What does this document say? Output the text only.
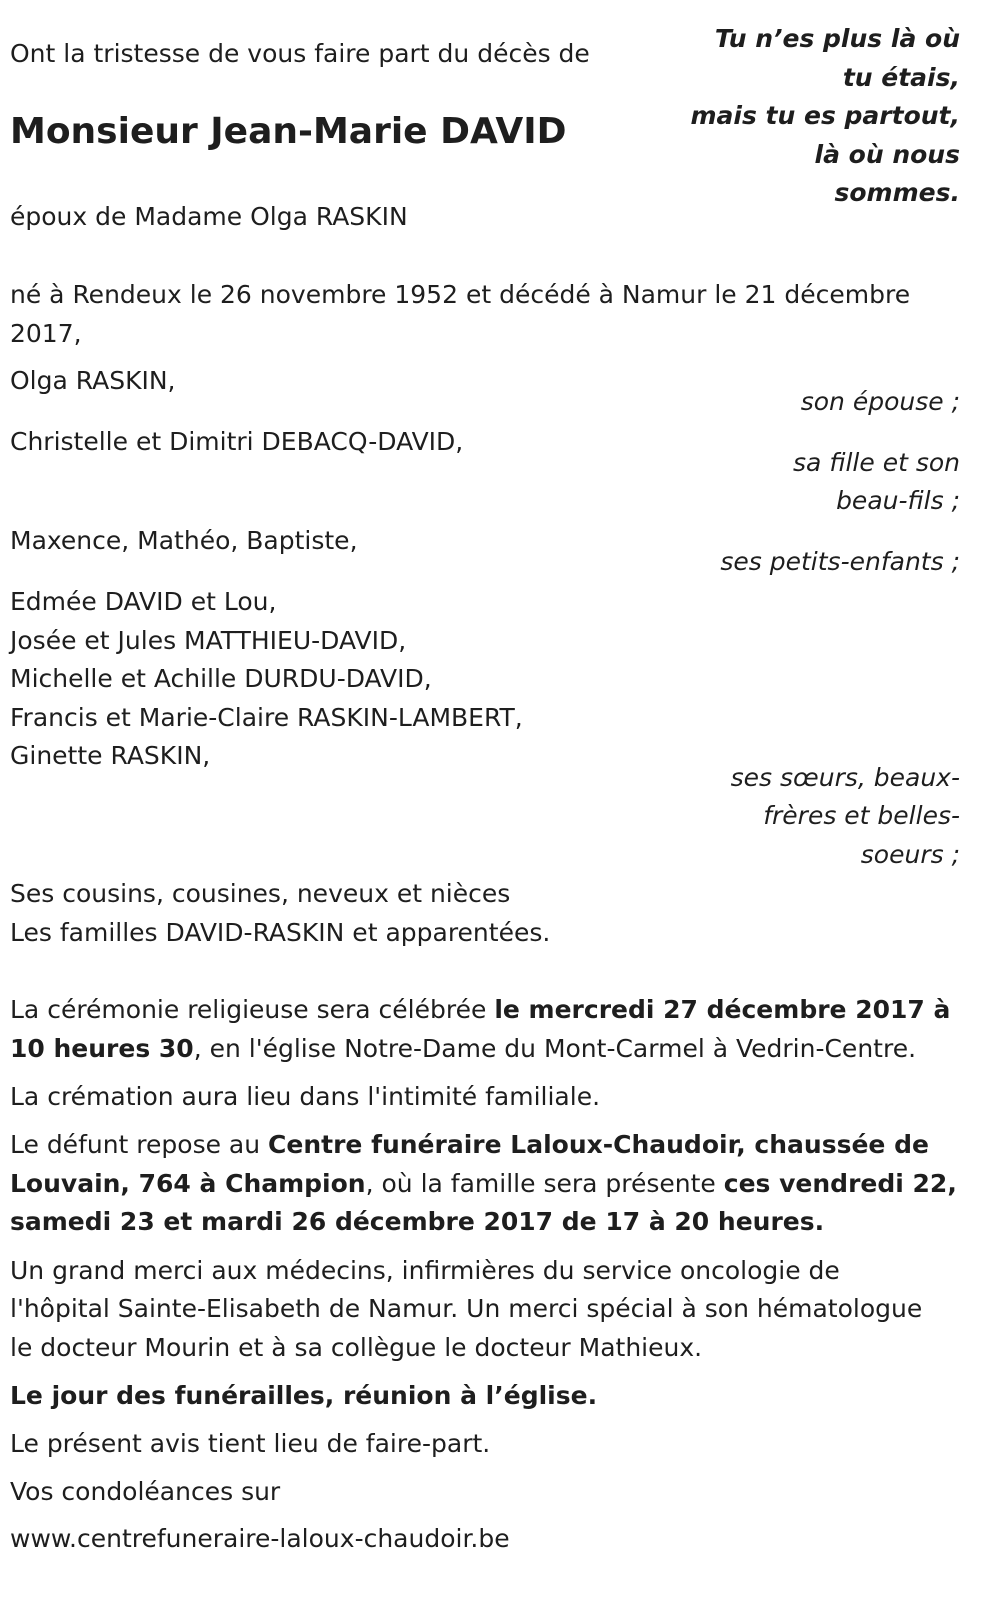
Ont la tristesse de vous faire part du décès de

Tu n’es plus là où
tu étais,
mais tu es partout,
là où nous
sommes.
Monsieur Jean-Marie DAVID

époux de Madame Olga RASKIN

né à Rendeux le 26 novembre 1952 et décédé à Namur le 21 décembre 2017,

Olga RASKIN,

son épouse ;

Christelle et Dimitri DEBACQ-DAVID,

sa fille et son

beau-fils ;

Maxence, Mathéo, Baptiste,

ses petits-enfants ;

Edmée DAVID et Lou,

Josée et Jules MATTHIEU-DAVID,

Michelle et Achille DURDU-DAVID,

Francis et Marie-Claire RASKIN-LAMBERT,

Ginette RASKIN,

ses sœurs, beaux-

frères et belles-

soeurs ;

Ses cousins, cousines, neveux et nièces

Les familles DAVID-RASKIN et apparentées.

La cérémonie religieuse sera célébrée le mercredi 27 décembre 2017 à

10 heures 30, en l'église Notre-Dame du Mont-Carmel à Vedrin-Centre.

La crémation aura lieu dans l'intimité familiale.

Le défunt repose au Centre funéraire Laloux-Chaudoir, chaussée de

Louvain, 764 à Champion, où la famille sera présente ces vendredi 22,

samedi 23 et mardi 26 décembre 2017 de 17 à 20 heures.

Un grand merci aux médecins, infirmières du service oncologie de

l'hôpital Sainte-Elisabeth de Namur. Un merci spécial à son hématologue

le docteur Mourin et à sa collègue le docteur Mathieux.

Le jour des funérailles, réunion à l’église.

Le présent avis tient lieu de faire-part.

Vos condoléances sur

www.centrefuneraire-laloux-chaudoir.be
